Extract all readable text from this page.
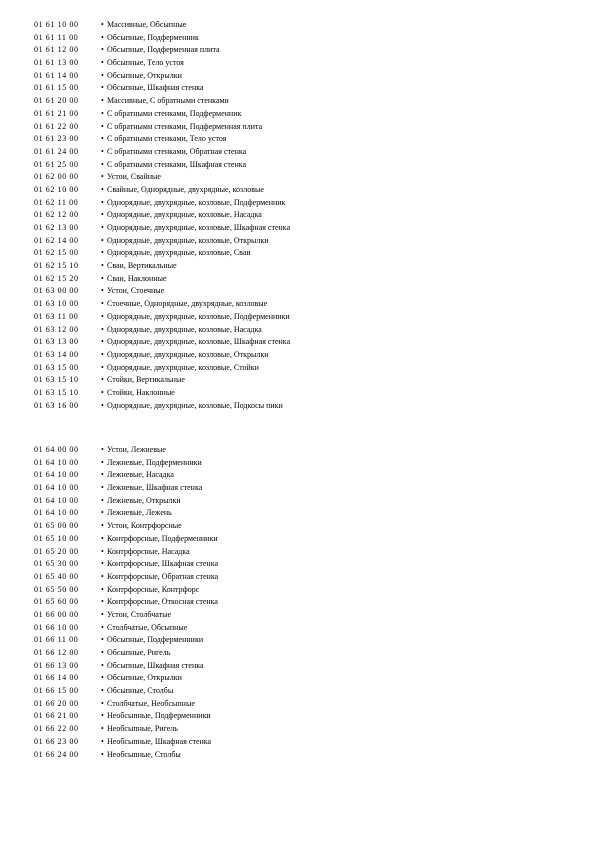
01 61 10 00	• Массивные, Обсыпные
01 61 11 00	• Обсыпные, Подферменник
01 61 12 00	• Обсыпные, Подферменная плита
01 61 13 00	• Обсыпные, Тело устоя
01 61 14 00	• Обсыпные, Открылки
01 61 15 00	• Обсыпные, Шкафная стенка
01 61 20 00	• Массивные, С обратными стенками
01 61 21 00	• С обратными стенками, Подферменник
01 61 22 00	• С обратными стенками, Подферменная плита
01 61 23 00	• С обратными стенками, Тело устоя
01 61 24 00	• С обратными стенками, Обратная стенка
01 61 25 00	• С обратными стенками, Шкафная стенка
01 62 00 00	• Устои, Свайные
01 62 10 00	• Свайные, Однорядные, двухрядные, козловые
01 62 11 00	• Однорядные, двухрядные, козловые, Подферменник
01 62 12 00	• Однорядные, двухрядные, козловые, Насадка
01 62 13 00	• Однорядные, двухрядные, козловые, Шкафная стенка
01 62 14 00	• Однорядные, двухрядные, козловые, Открылки
01 62 15 00	• Однорядные, двухрядные, козловые, Сваи
01 62 15 10	• Сваи, Вертикальные
01 62 15 20	• Сваи, Наклонные
01 63 00 00	• Устои, Стоечные
01 63 10 00	• Стоечные, Однорядные, двухрядные, козловые
01 63 11 00	• Однорядные, двухрядные, козловые, Подферменники
01 63 12 00	• Однорядные, двухрядные, козловые, Насадка
01 63 13 00	• Однорядные, двухрядные, козловые, Шкафная стенка
01 63 14 00	• Однорядные, двухрядные, козловые, Открылки
01 63 15 00	• Однорядные, двухрядные, козловые, Стойки
01 63 15 10	• Стойки, Вертикальные
01 63 15 10	• Стойки, Наклонные
01 63 16 00	• Однорядные, двухрядные, козловые, Подкосы пики
01 64 00 00	• Устои, Лежневые
01 64 10 00	• Лежневые, Подферменники
01 64 10 00	• Лежневые, Насадка
01 64 10 00	• Лежневые, Шкафная стенка
01 64 10 00	• Лежневые, Открылки
01 64 10 00	• Лежневые, Лежень
01 65 00 00	• Устои, Контрфорсные
01 65 10 00	• Контрфорсные, Подферменники
01 65 20 00	• Контрфорсные, Насадка
01 65 30 00	• Контрфорсные, Шкафная стенка
01 65 40 00	• Контрфорсные, Обратная стенка
01 65 50 00	• Контрфорсные, Контрфорс
01 65 60 00	• Контрфорсные, Откосная стенка
01 66 00 00	• Устои, Столбчатые
01 66 10 00	• Столбчатые, Обсыпные
01 66 11 00	• Обсыпные, Подферменники
01 66 12 00	• Обсыпные, Ригель
01 66 13 00	• Обсыпные, Шкафная стенка
01 66 14 00	• Обсыпные, Открылки
01 66 15 00	• Обсыпные, Столбы
01 66 20 00	• Столбчатые, Необсыпные
01 66 21 00	• Необсыпные, Подферменники
01 66 22 00	• Необсыпные, Ригель
01 66 23 00	• Необсыпные, Шкафная стенка
01 66 24 00	• Необсыпные, Столбы
